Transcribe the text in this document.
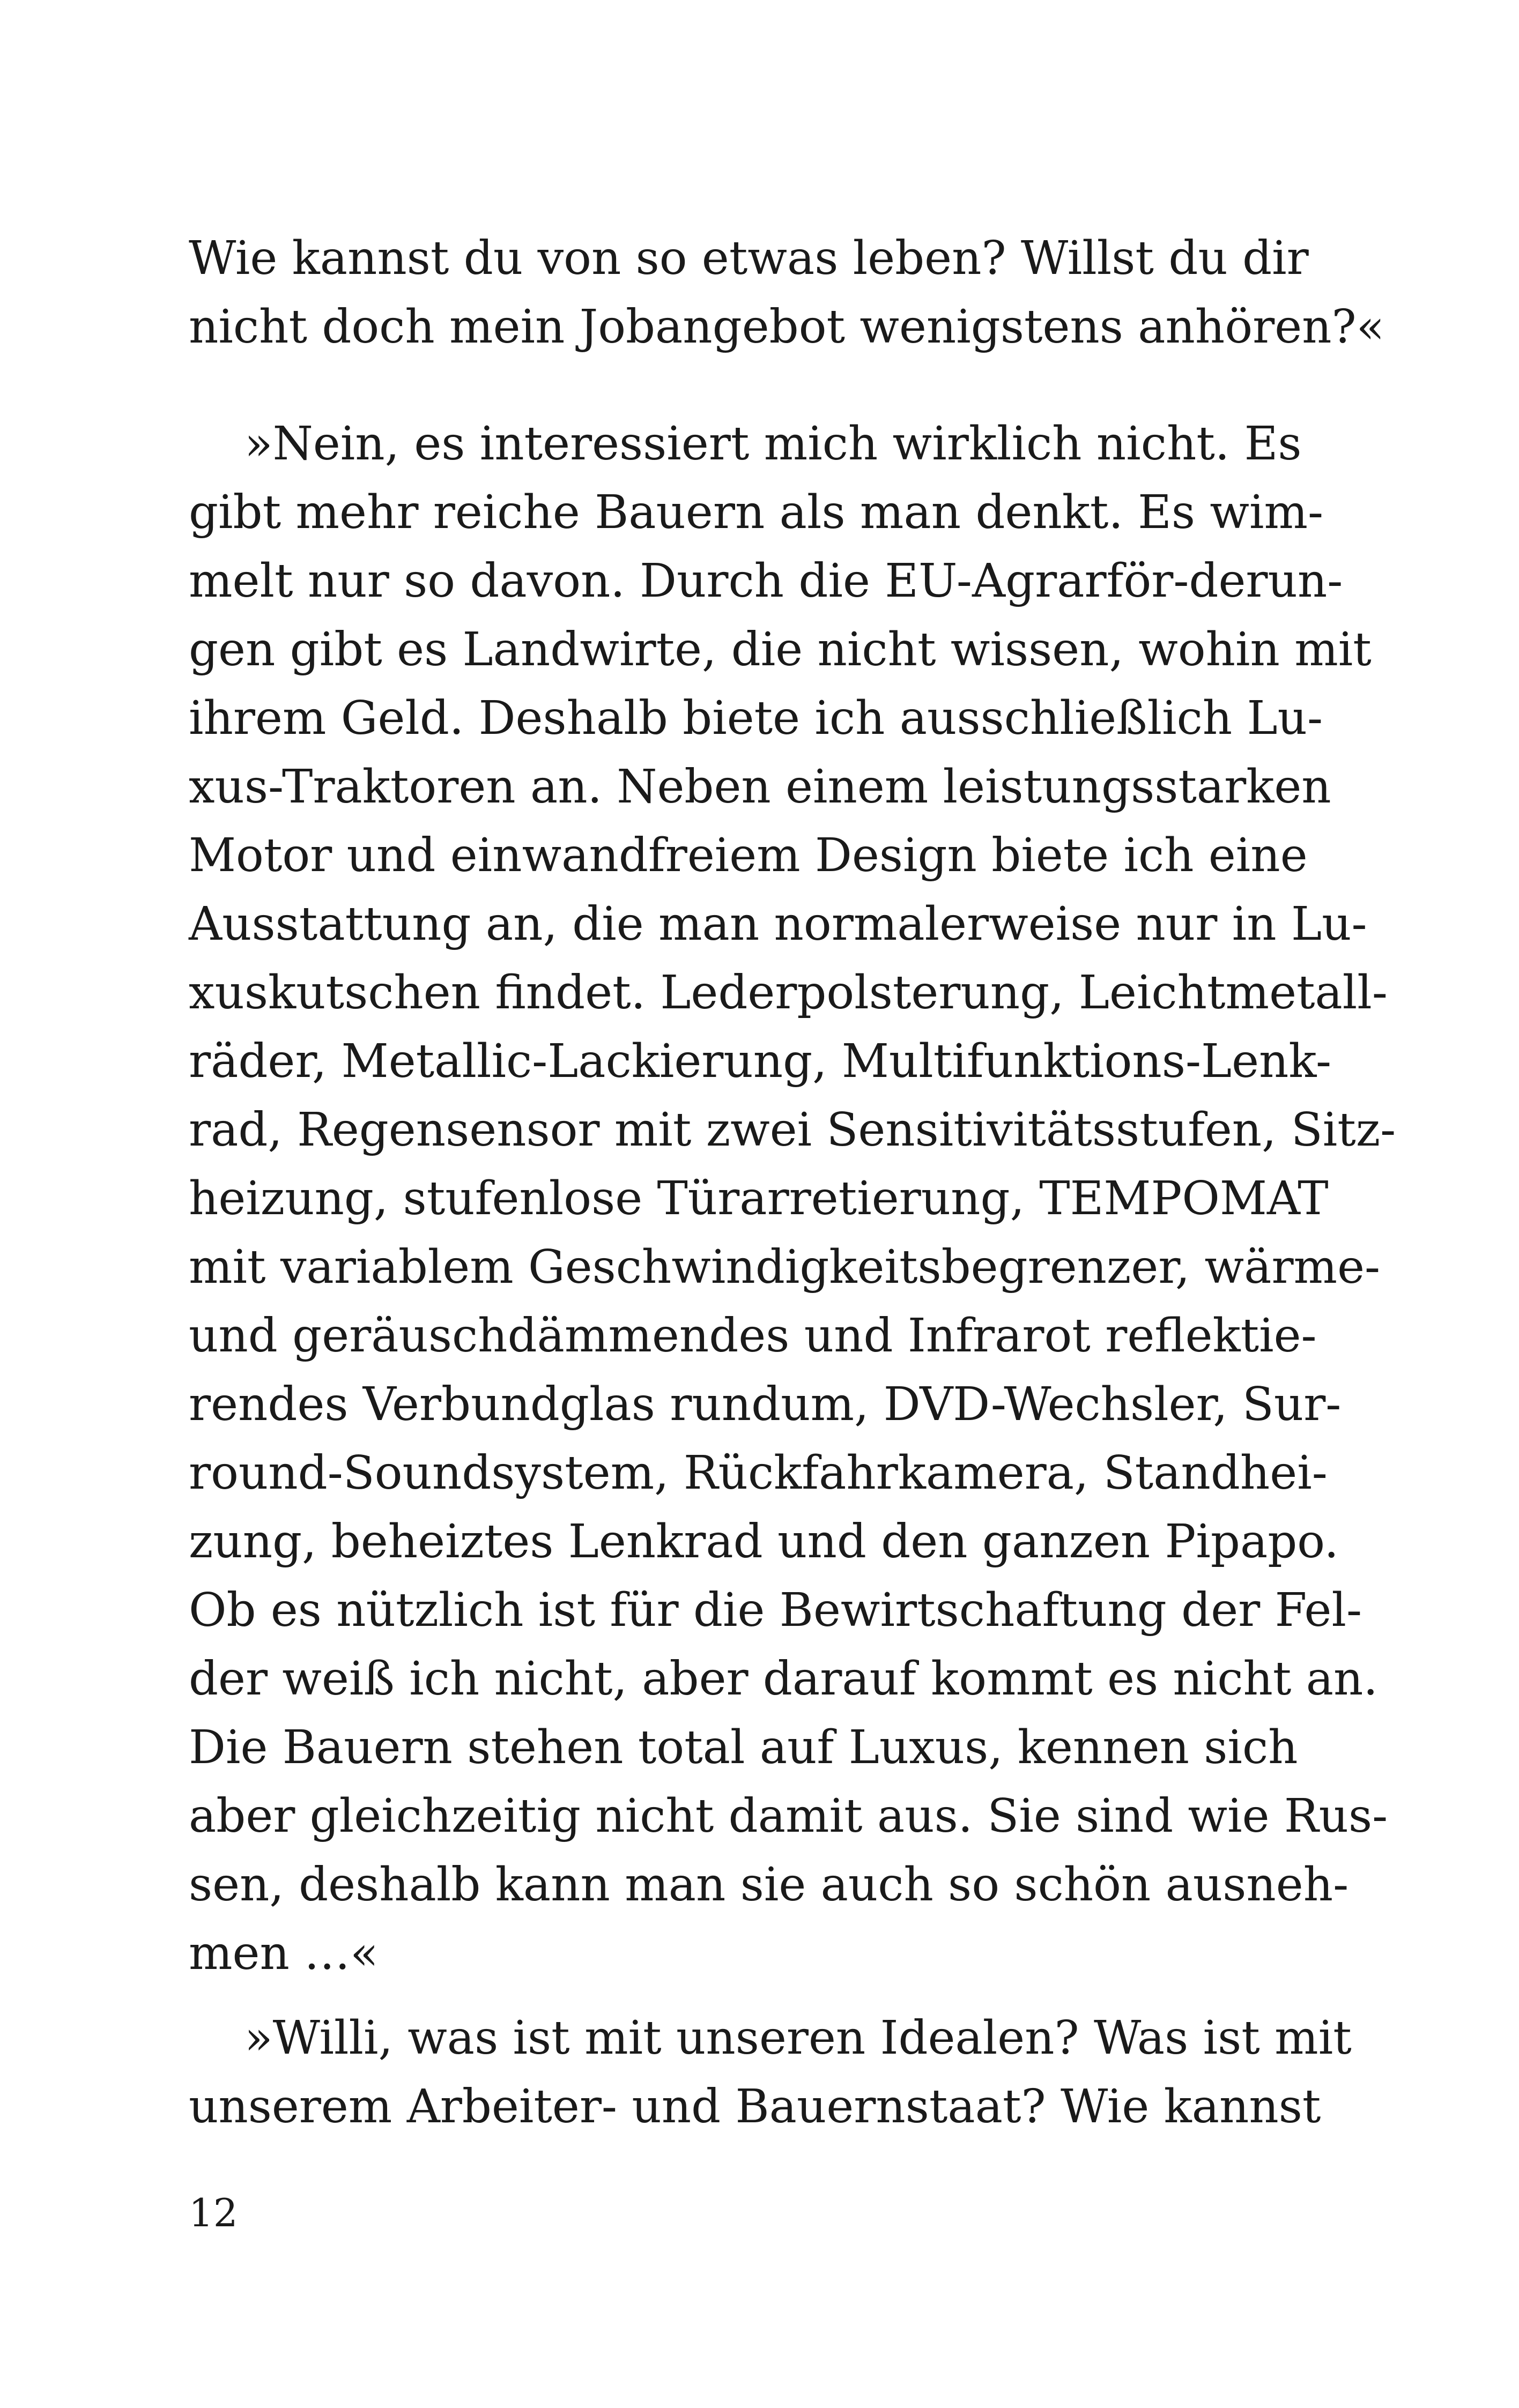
Wie kannst du von so etwas leben? Willst du dir
nicht doch mein Jobangebot wenigstens anhören?«
»Nein, es interessiert mich wirklich nicht. Es
gibt mehr reiche Bauern als man denkt. Es wim-
melt nur so davon. Durch die EU-Agrarför-derun-
gen gibt es Landwirte, die nicht wissen, wohin mit
ihrem Geld. Deshalb biete ich ausschließlich Lu-
xus-Traktoren an. Neben einem leistungsstarken
Motor und einwandfreiem Design biete ich eine
Ausstattung an, die man normalerweise nur in Lu-
xuskutschen findet. Lederpolsterung, Leichtmetall-
räder, Metallic-Lackierung, Multifunktions-Lenk-
rad, Regensensor mit zwei Sensitivitätsstufen, Sitz-
heizung, stufenlose Türarretierung, TEMPOMAT
mit variablem Geschwindigkeitsbegrenzer, wärme-
und geräuschdämmendes und Infrarot reflektie-
rendes Verbundglas rundum, DVD-Wechsler, Sur-
round-Soundsystem, Rückfahrkamera, Standhei-
zung, beheiztes Lenkrad und den ganzen Pipapo.
Ob es nützlich ist für die Bewirtschaftung der Fel-
der weiß ich nicht, aber darauf kommt es nicht an.
Die Bauern stehen total auf Luxus, kennen sich
aber gleichzeitig nicht damit aus. Sie sind wie Rus-
sen, deshalb kann man sie auch so schön ausneh-
men …«
»Willi, was ist mit unseren Idealen? Was ist mit
unserem Arbeiter- und Bauernstaat? Wie kannst
12
